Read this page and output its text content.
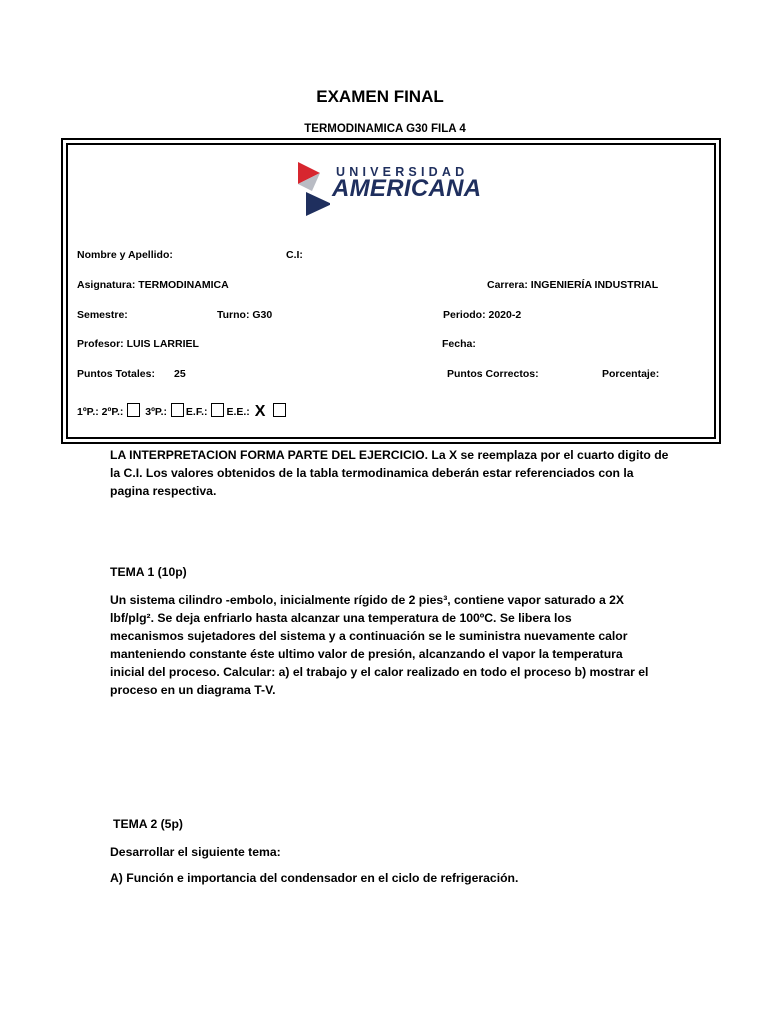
EXAMEN FINAL
TERMODINAMICA G30 FILA 4
UNIVERSIDAD
AMERICANA
Nombre y Apellido:	C.I:
Asignatura: TERMODINAMICA	Carrera: INGENIERÍA INDUSTRIAL
Semestre:	Turno: G30	Periodo: 2020-2
Profesor: LUIS LARRIEL	Fecha:
Puntos Totales: 25	Puntos Correctos:	Porcentaje:
1ºP.: 2ºP.: 3ºP.: E.F.: E.E.: X
LA INTERPRETACION FORMA PARTE DEL EJERCICIO. La X se reemplaza por el cuarto digito de
la C.I. Los valores obtenidos de la tabla termodinamica deberán estar referenciados con la
pagina respectiva.
TEMA 1 (10p)
Un sistema cilindro -embolo, inicialmente rígido de 2 pies³, contiene vapor saturado a 2X
lbf/plg². Se deja enfriarlo hasta alcanzar una temperatura de 100ºC. Se libera los
mecanismos sujetadores del sistema y a continuación se le suministra nuevamente calor
manteniendo constante éste ultimo valor de presión, alcanzando el vapor la temperatura
inicial del proceso. Calcular: a) el trabajo y el calor realizado en todo el proceso b) mostrar el
proceso en un diagrama T-V.
TEMA 2 (5p)
Desarrollar el siguiente tema:
A) Función e importancia del condensador en el ciclo de refrigeración.
